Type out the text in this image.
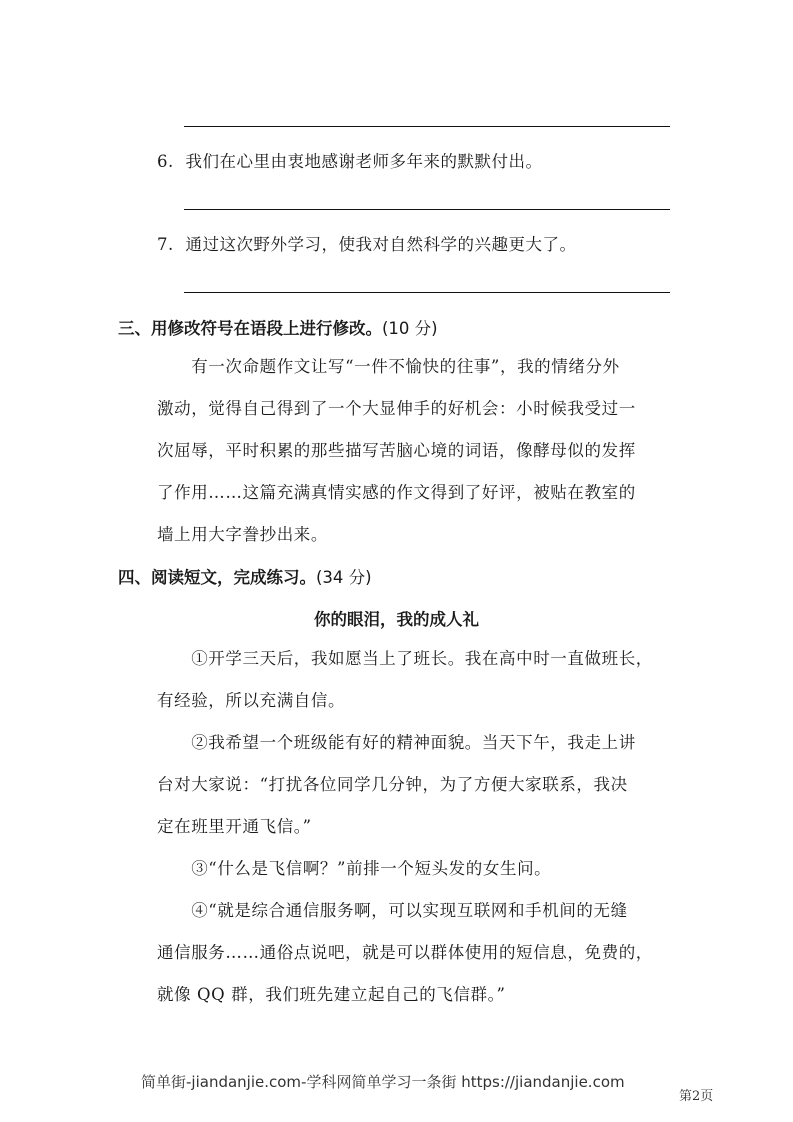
6. 我们在心里由衷地感谢老师多年来的默默付出。
7. 通过这次野外学习，使我对自然科学的兴趣更大了。
三、用修改符号在语段上进行修改。(10 分)
　　有一次命题作文让写“一件不愉快的往事”，我的情绪分外
激动，觉得自己得到了一个大显伸手的好机会：小时候我受过一
次屈辱，平时积累的那些描写苦脑心境的词语，像酵母似的发挥
了作用……这篇充满真情实感的作文得到了好评，被贴在教室的
墙上用大字誊抄出来。
四、阅读短文，完成练习。(34 分)
你的眼泪，我的成人礼
　　①开学三天后，我如愿当上了班长。我在高中时一直做班长，
有经验，所以充满自信。
　　②我希望一个班级能有好的精神面貌。当天下午，我走上讲
台对大家说：“打扰各位同学几分钟，为了方便大家联系，我决
定在班里开通飞信。”
　　③“什么是飞信啊？”前排一个短头发的女生问。
　　④“就是综合通信服务啊，可以实现互联网和手机间的无缝
通信服务……通俗点说吧，就是可以群体使用的短信息，免费的，
就像 QQ 群，我们班先建立起自己的飞信群。”
简单街-jiandanjie.com-学科网简单学习一条街 https://jiandanjie.com
第2页
